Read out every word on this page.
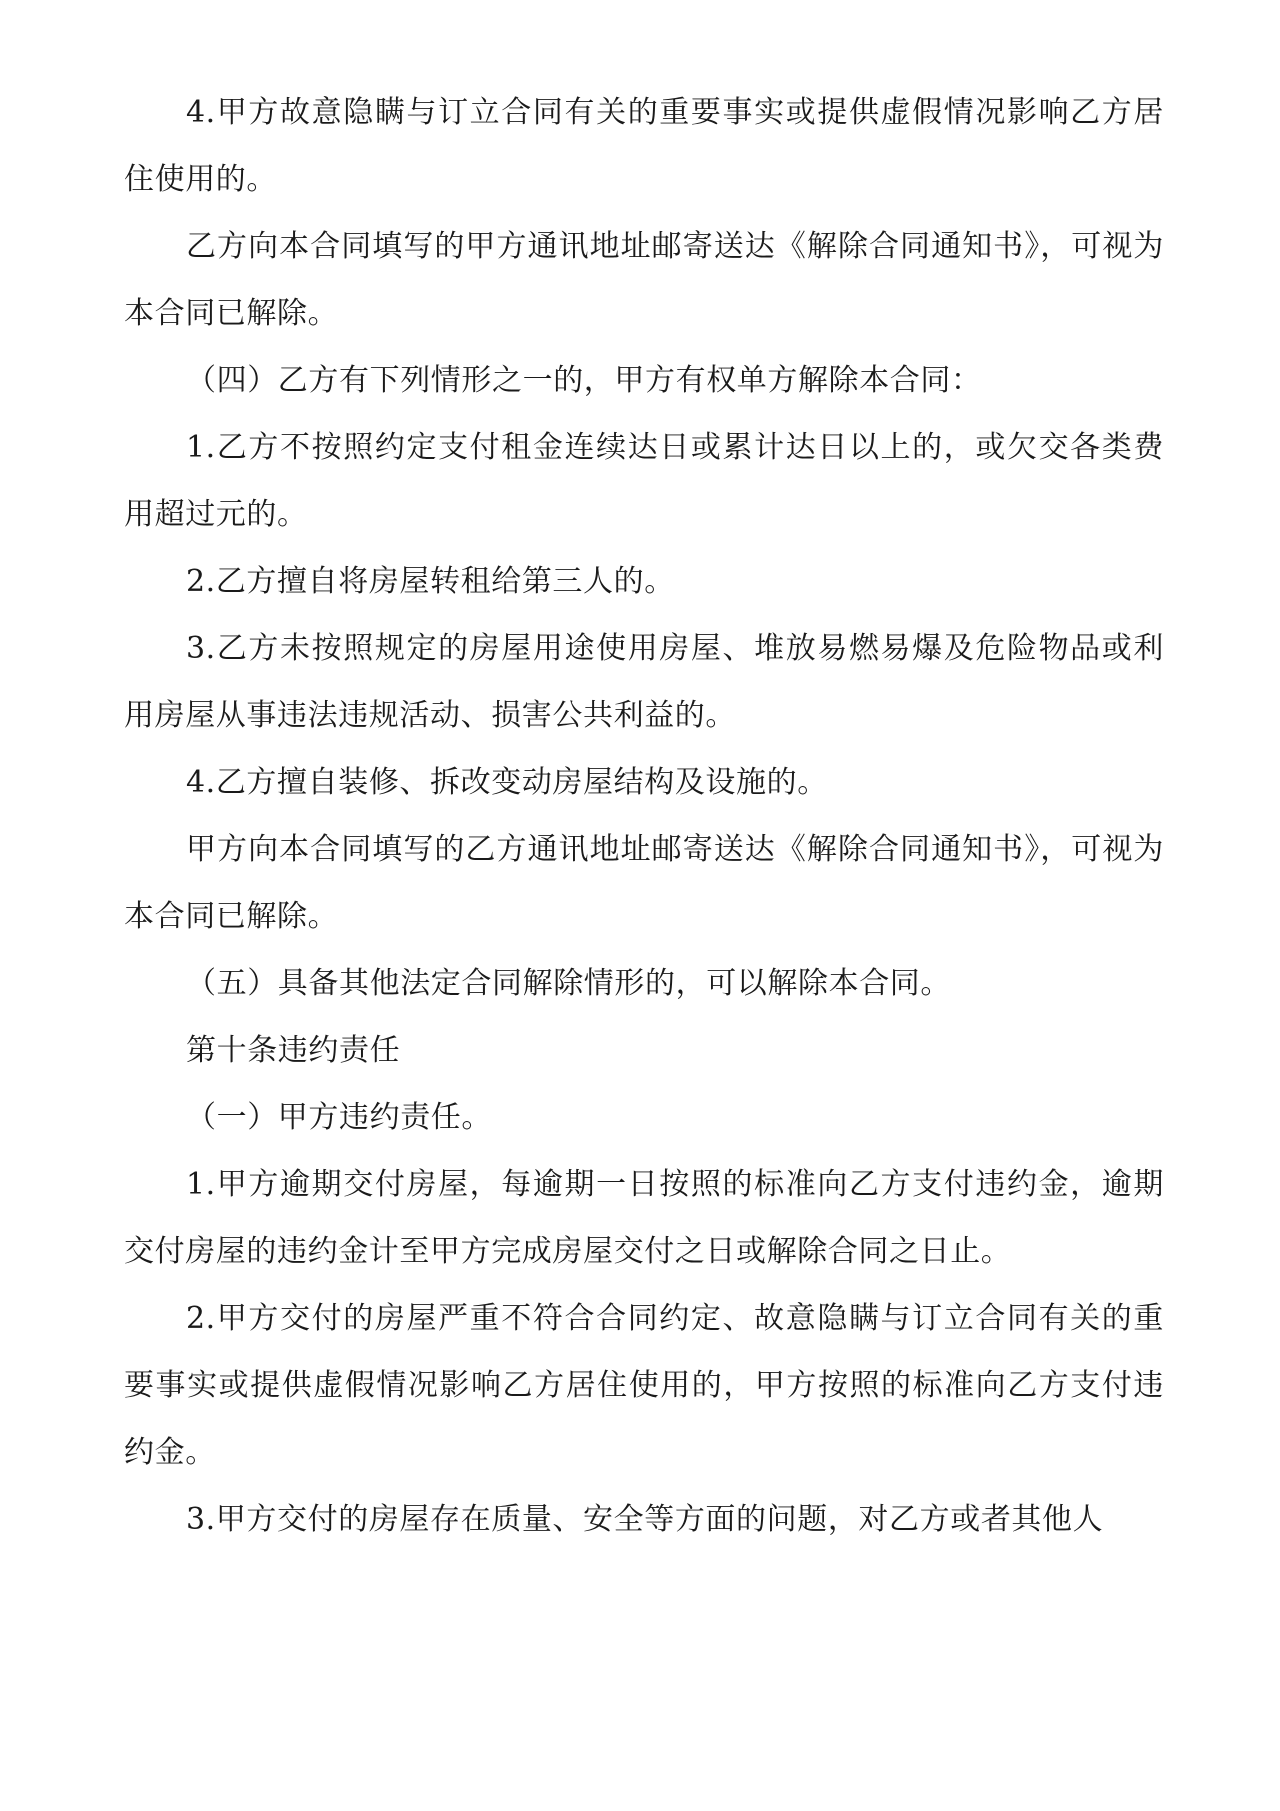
4.甲方故意隐瞒与订立合同有关的重要事实或提供虚假情况影响乙方居住使用的。

乙方向本合同填写的甲方通讯地址邮寄送达《解除合同通知书》，可视为本合同已解除。

（四）乙方有下列情形之一的，甲方有权单方解除本合同：

1.乙方不按照约定支付租金连续达日或累计达日以上的，或欠交各类费用超过元的。

2.乙方擅自将房屋转租给第三人的。

3.乙方未按照规定的房屋用途使用房屋、堆放易燃易爆及危险物品或利用房屋从事违法违规活动、损害公共利益的。

4.乙方擅自装修、拆改变动房屋结构及设施的。

甲方向本合同填写的乙方通讯地址邮寄送达《解除合同通知书》，可视为本合同已解除。

（五）具备其他法定合同解除情形的，可以解除本合同。

第十条违约责任

（一）甲方违约责任。

1.甲方逾期交付房屋，每逾期一日按照的标准向乙方支付违约金，逾期交付房屋的违约金计至甲方完成房屋交付之日或解除合同之日止。

2.甲方交付的房屋严重不符合合同约定、故意隐瞒与订立合同有关的重要事实或提供虚假情况影响乙方居住使用的，甲方按照的标准向乙方支付违约金。

3.甲方交付的房屋存在质量、安全等方面的问题，对乙方或者其他人
